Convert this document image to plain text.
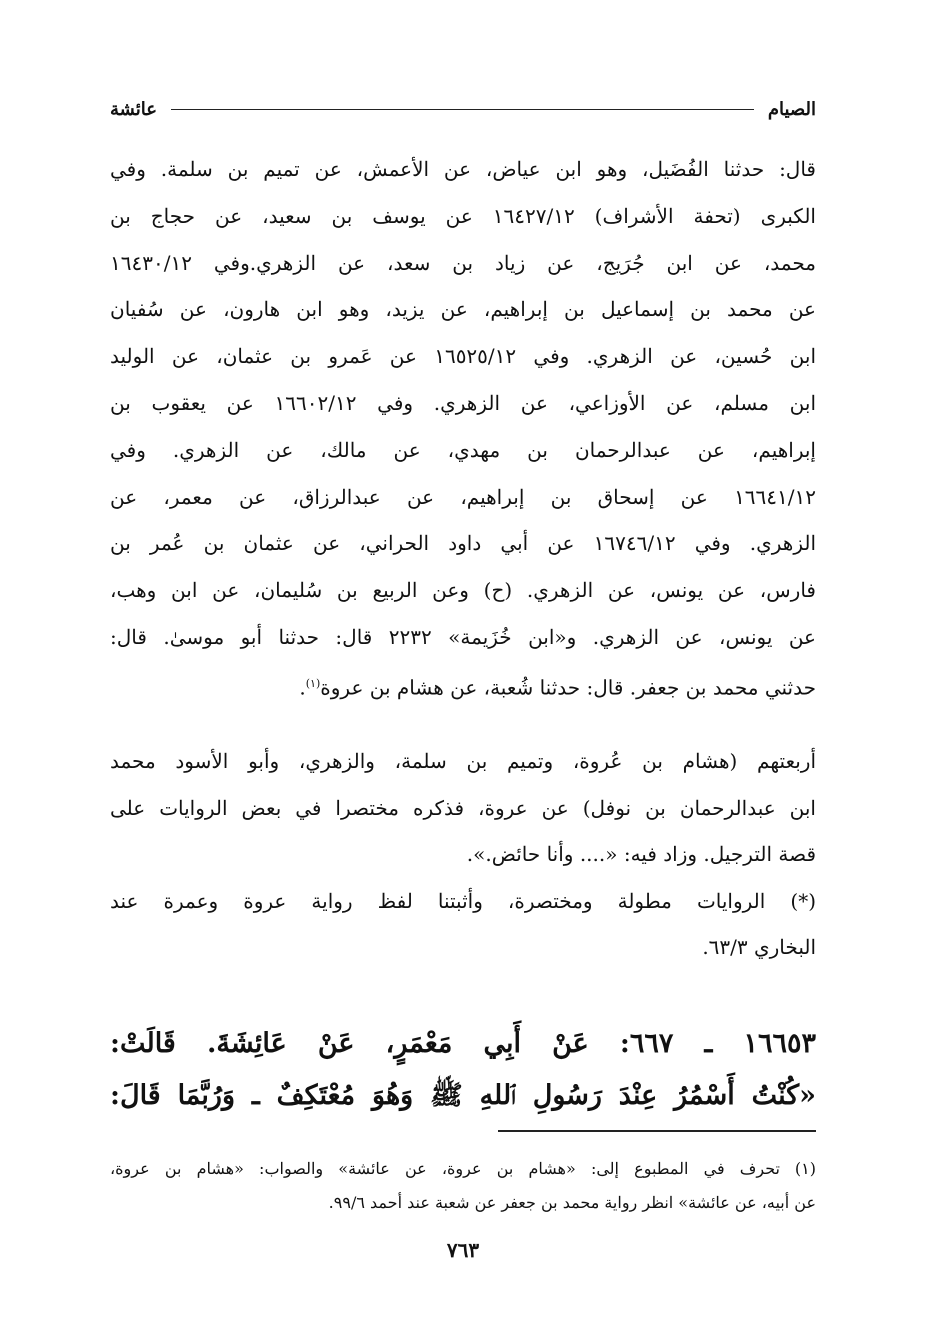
الصيام
عائشة
قال: حدثنا الفُضَيل، وهو ابن عياض، عن الأعمش، عن تميم بن سلمة. وفي
الكبرى (تحفة الأشراف) ١٦٤٢٧/١٢ عن يوسف بن سعيد، عن حجاج بن
محمد، عن ابن جُرَيج، عن زياد بن سعد، عن الزهري.وفي ١٦٤٣٠/١٢
عن محمد بن إسماعيل بن إبراهيم، عن يزيد، وهو ابن هارون، عن سُفيان
ابن حُسين، عن الزهري. وفي ١٦٥٢٥/١٢ عن عَمرو بن عثمان، عن الوليد
ابن مسلم، عن الأوزاعي، عن الزهري. وفي ١٦٦٠٢/١٢ عن يعقوب بن
إبراهيم، عن عبدالرحمان بن مهدي، عن مالك، عن الزهري. وفي
١٦٦٤١/١٢ عن إسحاق بن إبراهيم، عن عبدالرزاق، عن معمر، عن
الزهري. وفي ١٦٧٤٦/١٢ عن أبي داود الحراني، عن عثمان بن عُمر بن
فارس، عن يونس، عن الزهري. (ح) وعن الربيع بن سُليمان، عن ابن وهب،
عن يونس، عن الزهري. و«ابن خُزَيمة» ٢٢٣٢ قال: حدثنا أبو موسىٰ. قال:
حدثني محمد بن جعفر. قال: حدثنا شُعبة، عن هشام بن عروة$^{(١)}$.
أربعتهم (هشام بن عُروة، وتميم بن سلمة، والزهري، وأبو الأسود محمد
ابن عبدالرحمان بن نوفل) عن عروة، فذكره مختصرا في بعض الروايات على
قصة الترجيل. وزاد فيه: «.... وأنا حائض.».
(*) الروايات مطولة ومختصرة، وأثبتنا لفظ رواية عروة وعمرة عند
البخاري ٦٣/٣.
١٦٦٥٣ ـ ٦٦٧: عَنْ أَبِي مَعْمَرٍ، عَنْ عَائِشَةَ. قَالَتْ:
«كُنْتُ أَسْمُرُ عِنْدَ رَسُولِ ٱللهِ ﷺ وَهُوَ مُعْتَكِفٌ ـ وَرُبَّمَا قَالَ:
(١)تحرف في المطبوع إلى: «هشام بن عروة، عن عائشة» والصواب: «هشام بن عروة،
عن أبيه، عن عائشة» انظر رواية محمد بن جعفر عن شعبة عند أحمد ٩٩/٦.
٧٦٣
